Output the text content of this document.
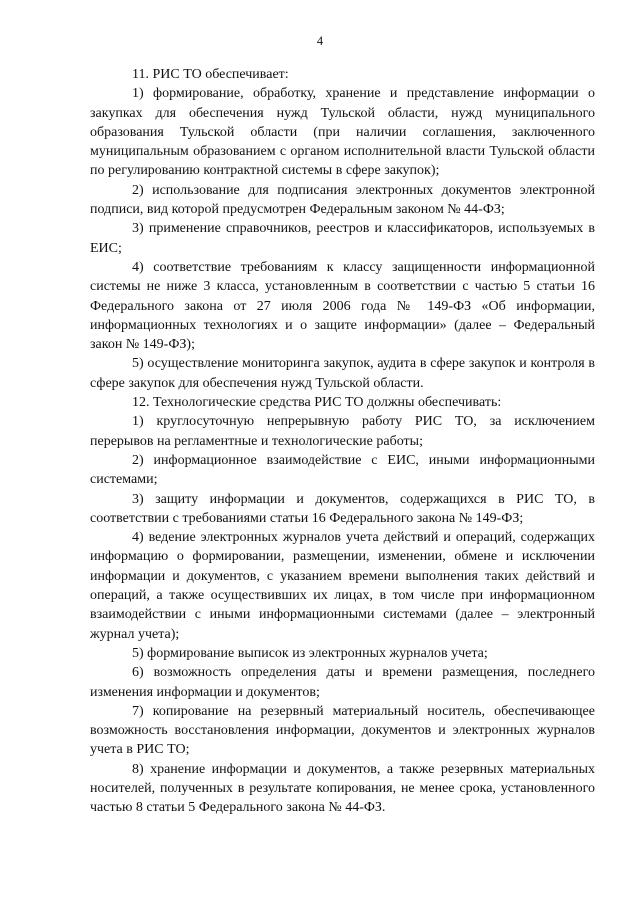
4

11. РИС ТО обеспечивает:

1) формирование, обработку, хранение и представление информации о закупках для обеспечения нужд Тульской области, нужд муниципального образования Тульской области (при наличии соглашения, заключенного муниципальным образованием с органом исполнительной власти Тульской области по регулированию контрактной системы в сфере закупок);

2) использование для подписания электронных документов электронной подписи, вид которой предусмотрен Федеральным законом № 44-ФЗ;

3) применение справочников, реестров и классификаторов, используемых в ЕИС;

4) соответствие требованиям к классу защищенности информационной системы не ниже 3 класса, установленным в соответствии с частью 5 статьи 16 Федерального закона от 27 июля 2006 года № 149-ФЗ «Об информации, информационных технологиях и о защите информации» (далее – Федеральный закон № 149-ФЗ);

5) осуществление мониторинга закупок, аудита в сфере закупок и контроля в сфере закупок для обеспечения нужд Тульской области.

12. Технологические средства РИС ТО должны обеспечивать:

1) круглосуточную непрерывную работу РИС ТО, за исключением перерывов на регламентные и технологические работы;

2) информационное взаимодействие с ЕИС, иными информационными системами;

3) защиту информации и документов, содержащихся в РИС ТО, в соответствии с требованиями статьи 16 Федерального закона № 149-ФЗ;

4) ведение электронных журналов учета действий и операций, содержащих информацию о формировании, размещении, изменении, обмене и исключении информации и документов, с указанием времени выполнения таких действий и операций, а также осуществивших их лицах, в том числе при информационном взаимодействии с иными информационными системами (далее – электронный журнал учета);

5) формирование выписок из электронных журналов учета;

6) возможность определения даты и времени размещения, последнего изменения информации и документов;

7) копирование на резервный материальный носитель, обеспечивающее возможность восстановления информации, документов и электронных журналов учета в РИС ТО;

8) хранение информации и документов, а также резервных материальных носителей, полученных в результате копирования, не менее срока, установленного частью 8 статьи 5 Федерального закона № 44-ФЗ.
